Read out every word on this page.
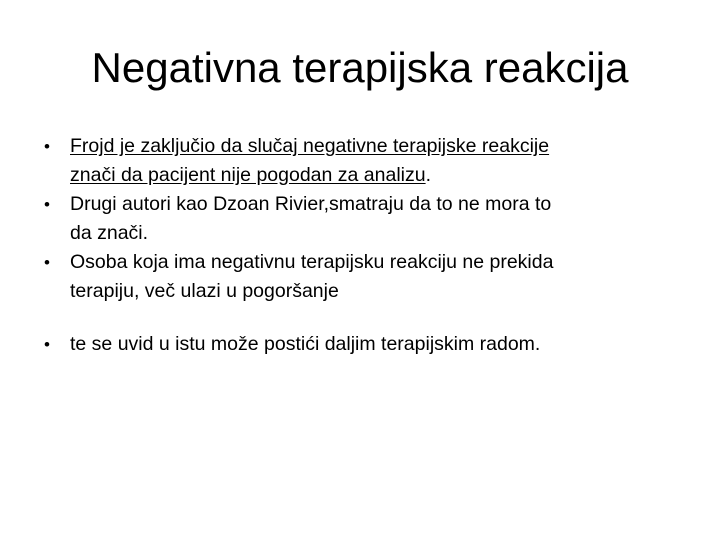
Negativna terapijska reakcija
•	Frojd je zaključio da slučaj negativne terapijske reakcije
znači da pacijent nije pogodan za analizu.
•	Drugi autori kao Dzoan Rivier,smatraju da to ne mora to
da znači.
•	Osoba koja ima negativnu terapijsku reakciju ne prekida
terapiju, več ulazi u pogoršanje
•	te se uvid u istu može postići daljim terapijskim radom.
